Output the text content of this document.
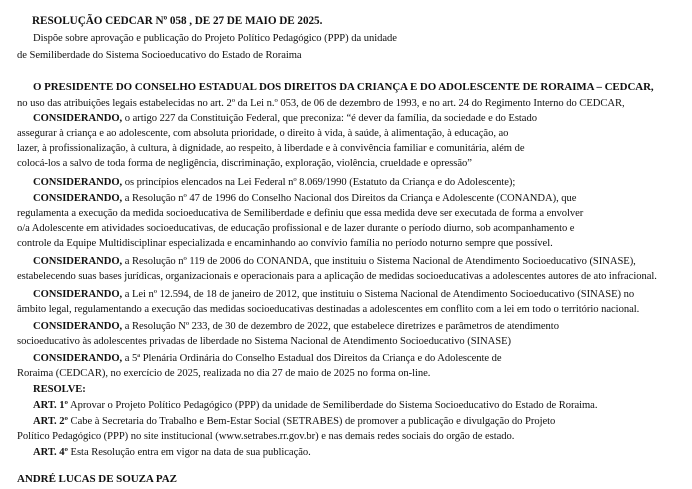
RESOLUÇÃO CEDCAR Nº 058 , DE 27 DE MAIO DE 2025.
Dispõe sobre aprovação e publicação do Projeto Político Pedagógico (PPP) da unidade
de Semiliberdade do Sistema Socioeducativo do Estado de Roraima
O PRESIDENTE DO CONSELHO ESTADUAL DOS DIREITOS DA CRIANÇA E DO ADOLESCENTE DE RORAIMA – CEDCAR,
no uso das atribuições legais estabelecidas no art. 2º da Lei n.º 053, de 06 de dezembro de 1993, e no art. 24 do Regimento Interno do CEDCAR,
CONSIDERANDO, o artigo 227 da Constituição Federal, que preconiza: “é dever da família, da sociedade e do Estado
assegurar à criança e ao adolescente, com absoluta prioridade, o direito à vida, à saúde, à alimentação, à educação, ao
lazer, à profissionalização, à cultura, à dignidade, ao respeito, à liberdade e à convivência familiar e comunitária, além de
colocá-los a salvo de toda forma de negligência, discriminação, exploração, violência, crueldade e opressão”
CONSIDERANDO, os princípios elencados na Lei Federal nº 8.069/1990 (Estatuto da Criança e do Adolescente);
CONSIDERANDO, a Resolução nº 47 de 1996 do Conselho Nacional dos Direitos da Criança e Adolescente (CONANDA), que
regulamenta a execução da medida socioeducativa de Semiliberdade e definiu que essa medida deve ser executada de forma a envolver
o/a Adolescente em atividades socioeducativas, de educação profissional e de lazer durante o período diurno, sob acompanhamento e
controle da Equipe Multidisciplinar especializada e encaminhando ao convívio família no período noturno sempre que possível.
CONSIDERANDO, a Resolução nº 119 de 2006 do CONANDA, que instituiu o Sistema Nacional de Atendimento Socioeducativo (SINASE),
estabelecendo suas bases jurídicas, organizacionais e operacionais para a aplicação de medidas socioeducativas a adolescentes autores de ato infracional.
CONSIDERANDO, a Lei nº 12.594, de 18 de janeiro de 2012, que instituiu o Sistema Nacional de Atendimento Socioeducativo (SINASE) no
âmbito legal, regulamentando a execução das medidas socioeducativas destinadas a adolescentes em conflito com a lei em todo o território nacional.
CONSIDERANDO, a Resolução Nº 233, de 30 de dezembro de 2022, que estabelece diretrizes e parâmetros de atendimento
socioeducativo às adolescentes privadas de liberdade no Sistema Nacional de Atendimento Socioeducativo (SINASE)
CONSIDERANDO, a 5ª Plenária Ordinária do Conselho Estadual dos Direitos da Criança e do Adolescente de
Roraima (CEDCAR), no exercício de 2025, realizada no dia 27 de maio de 2025 no forma on-line.
RESOLVE:
ART. 1º Aprovar o Projeto Político Pedagógico (PPP) da unidade de Semiliberdade do Sistema Socioeducativo do Estado de Roraima.
ART. 2º Cabe à Secretaria do Trabalho e Bem-Estar Social (SETRABES) de promover a publicação e divulgação do Projeto
Político Pedagógico (PPP) no site institucional (www.setrabes.rr.gov.br) e nas demais redes sociais do orgão de estado.
ART. 4º Esta Resolução entra em vigor na data de sua publicação.
ANDRÉ LUCAS DE SOUZA PAZ
